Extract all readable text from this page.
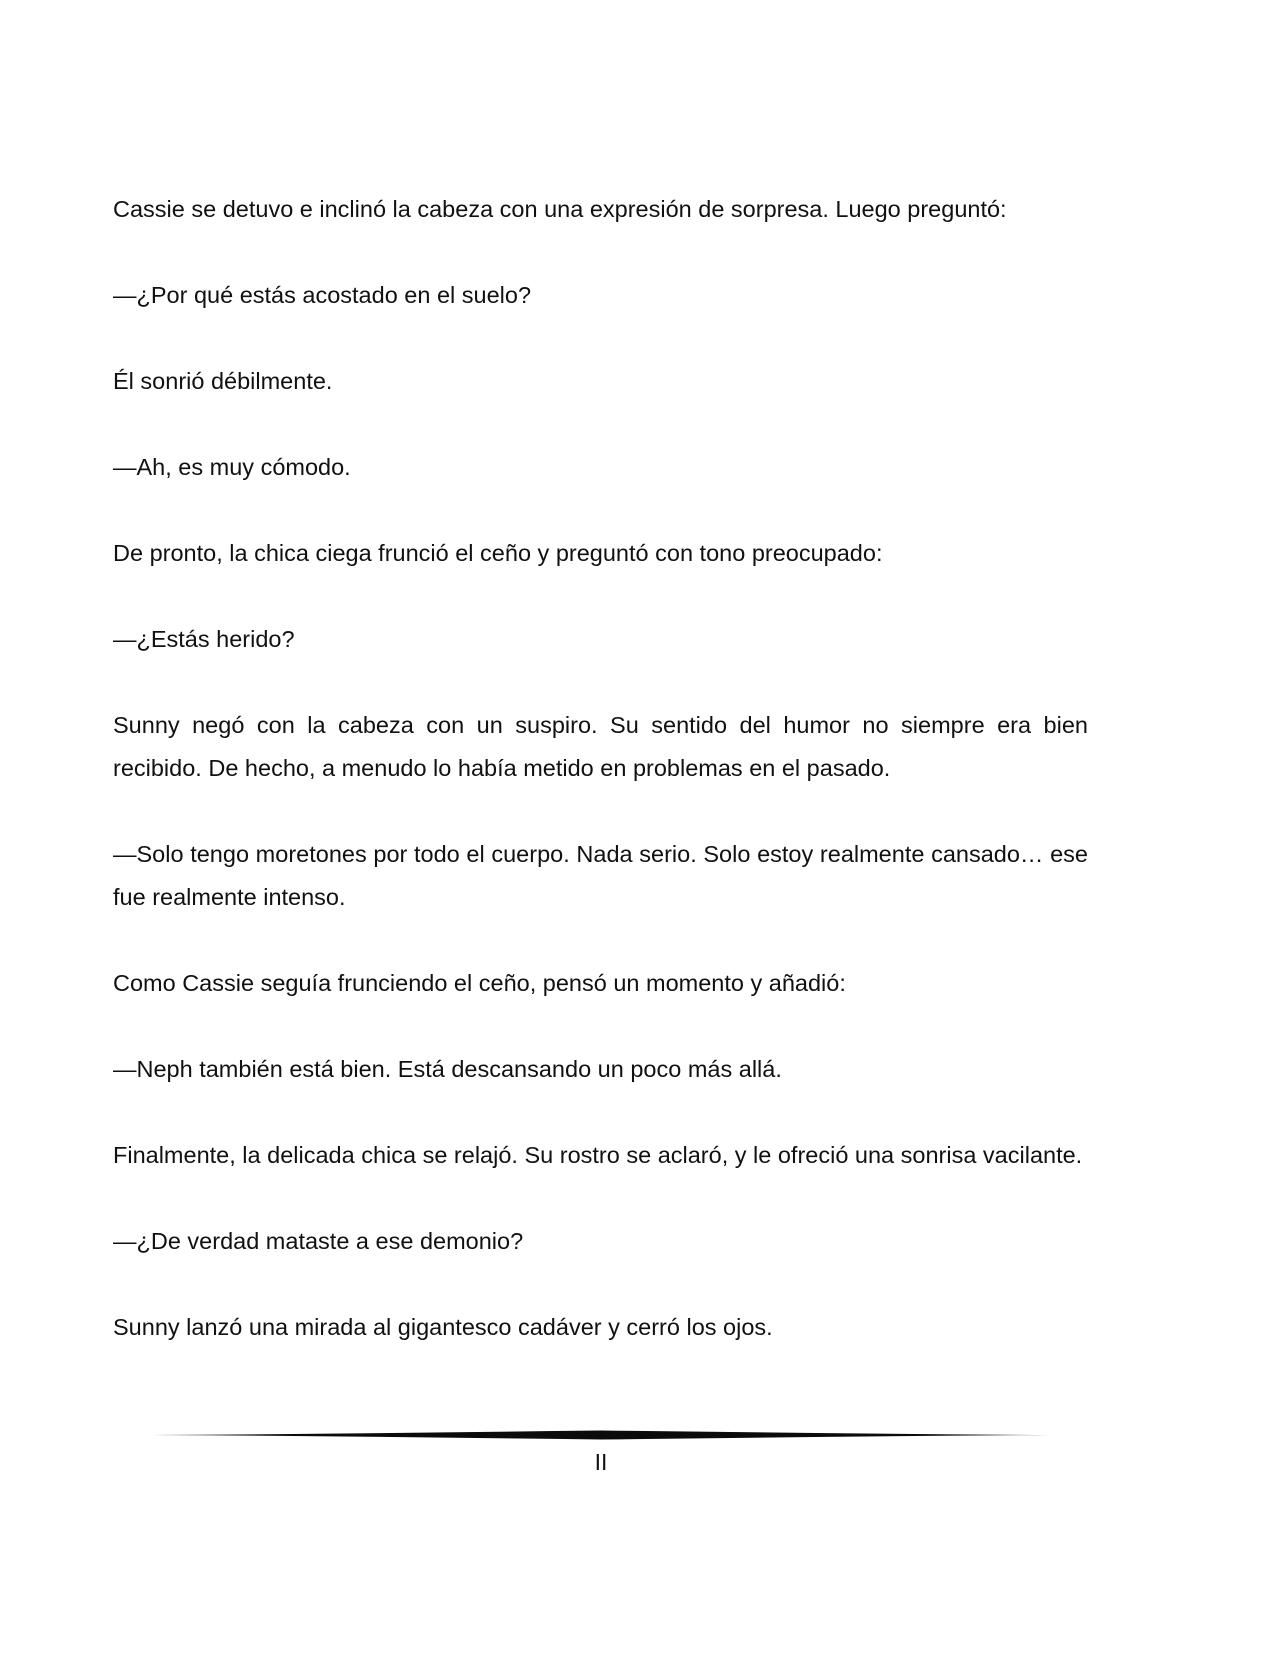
Cassie se detuvo e inclinó la cabeza con una expresión de sorpresa. Luego preguntó:

—¿Por qué estás acostado en el suelo?

Él sonrió débilmente.

—Ah, es muy cómodo.

De pronto, la chica ciega frunció el ceño y preguntó con tono preocupado:

—¿Estás herido?

Sunny negó con la cabeza con un suspiro. Su sentido del humor no siempre era bien recibido. De hecho, a menudo lo había metido en problemas en el pasado.

—Solo tengo moretones por todo el cuerpo. Nada serio. Solo estoy realmente cansado… ese fue realmente intenso.

Como Cassie seguía frunciendo el ceño, pensó un momento y añadió:

—Neph también está bien. Está descansando un poco más allá.

Finalmente, la delicada chica se relajó. Su rostro se aclaró, y le ofreció una sonrisa vacilante.

—¿De verdad mataste a ese demonio?

Sunny lanzó una mirada al gigantesco cadáver y cerró los ojos.

II
